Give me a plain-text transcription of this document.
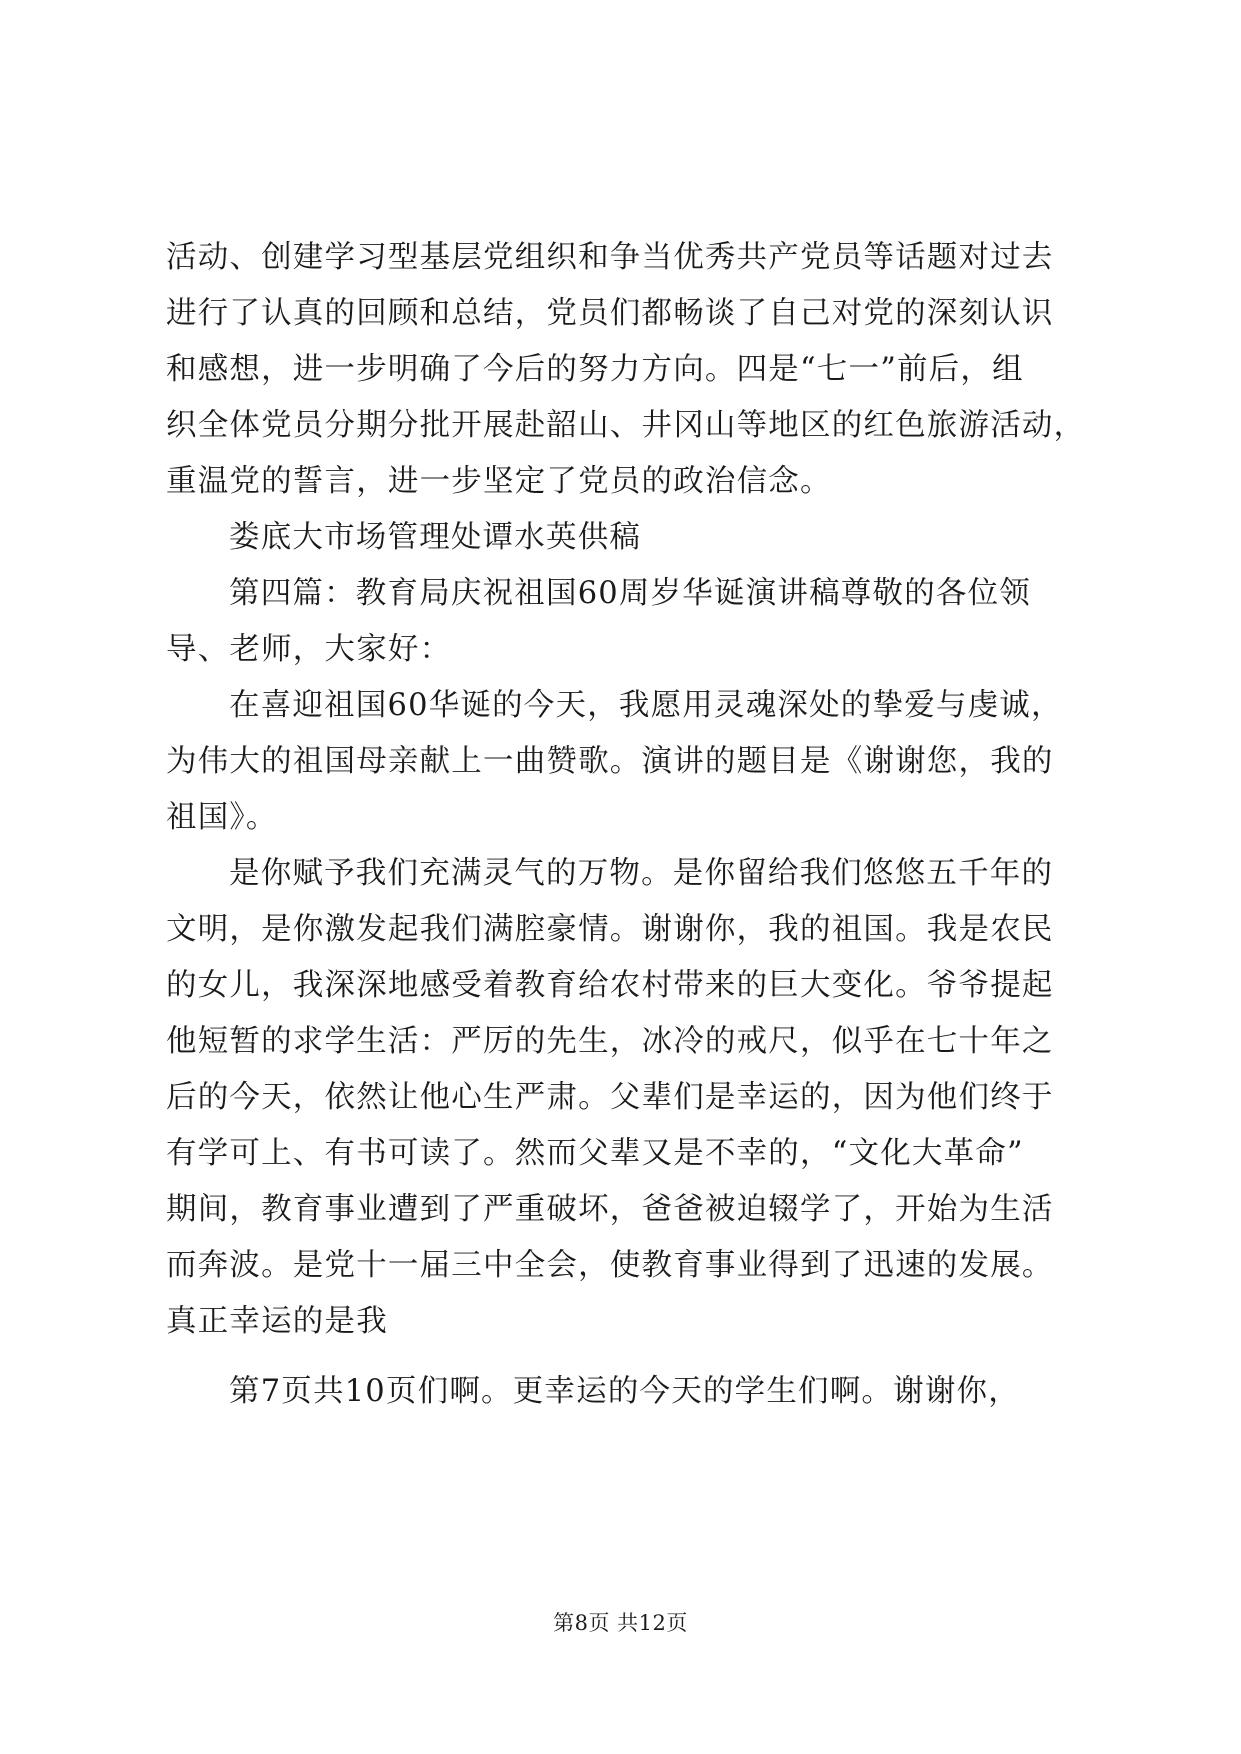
活动、创建学习型基层党组织和争当优秀共产党员等话题对过去
进行了认真的回顾和总结，党员们都畅谈了自己对党的深刻认识
和感想，进一步明确了今后的努力方向。四是“七一”前后，组
织全体党员分期分批开展赴韶山、井冈山等地区的红色旅游活动，
重温党的誓言，进一步坚定了党员的政治信念。
娄底大市场管理处谭水英供稿
第四篇：教育局庆祝祖国60周岁华诞演讲稿尊敬的各位领
导、老师，大家好：
在喜迎祖国60华诞的今天，我愿用灵魂深处的挚爱与虔诚，
为伟大的祖国母亲献上一曲赞歌。演讲的题目是《谢谢您，我的
祖国》。
是你赋予我们充满灵气的万物。是你留给我们悠悠五千年的
文明，是你激发起我们满腔豪情。谢谢你，我的祖国。我是农民
的女儿，我深深地感受着教育给农村带来的巨大变化。爷爷提起
他短暂的求学生活：严厉的先生，冰冷的戒尺，似乎在七十年之
后的今天，依然让他心生严肃。父辈们是幸运的，因为他们终于
有学可上、有书可读了。然而父辈又是不幸的，“文化大革命”
期间，教育事业遭到了严重破坏，爸爸被迫辍学了，开始为生活
而奔波。是党十一届三中全会，使教育事业得到了迅速的发展。
真正幸运的是我
第7页共10页们啊。更幸运的今天的学生们啊。谢谢你，
第8页 共12页
